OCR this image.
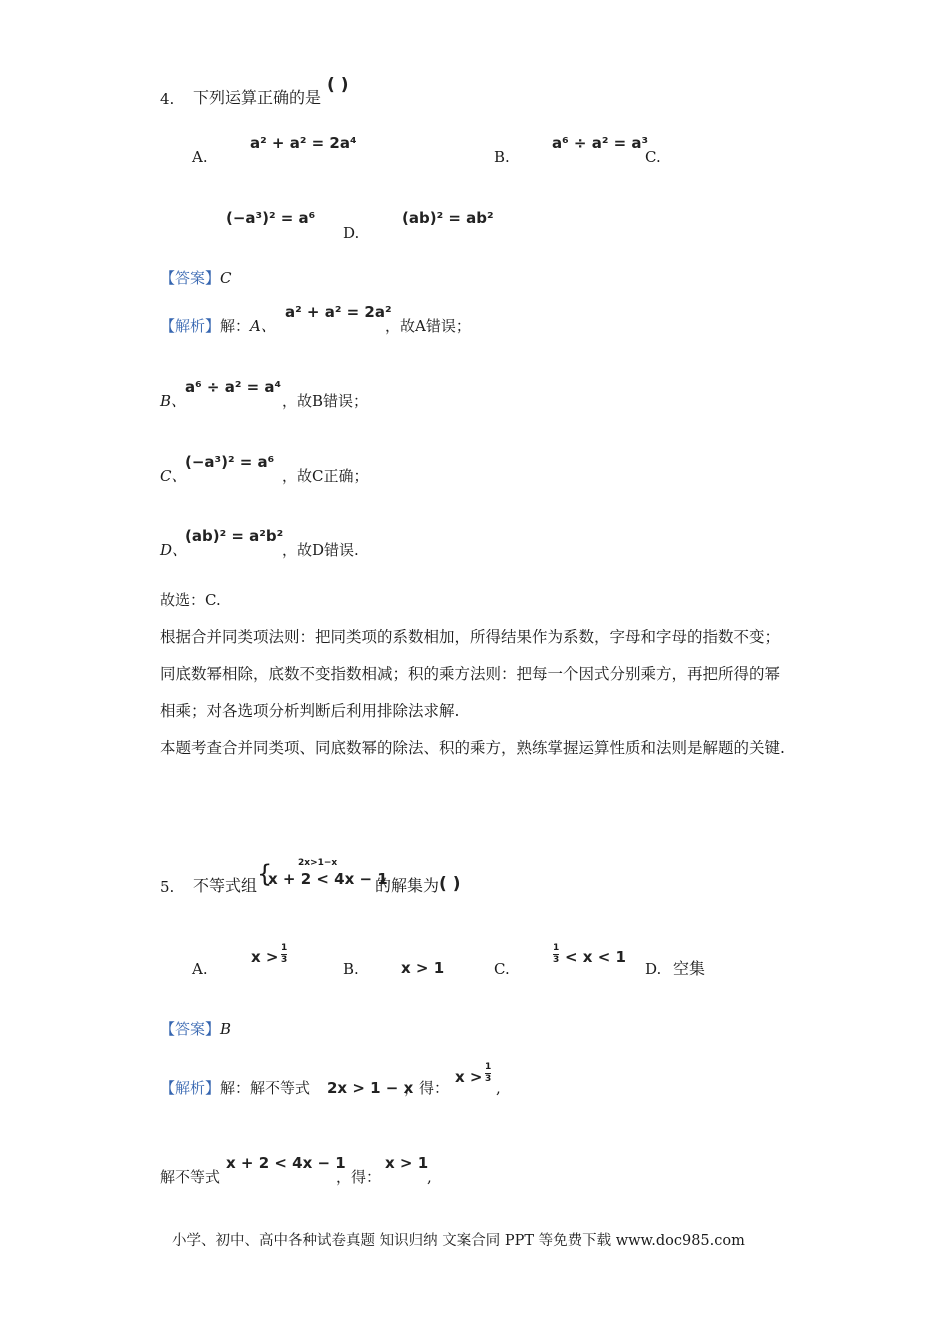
4. 下列运算正确的是
( )
A.
a² + a² = 2a⁴
B.
a⁶ ÷ a² = a³
C.
(−a³)² = a⁶
D.
(ab)² = ab²
【答案】C
【解析】解：A、
a² + a² = 2a²
，故A错误；
B、
a⁶ ÷ a² = a⁴
，故B错误；
C、
(−a³)² = a⁶
，故C正确；
D、
(ab)² = a²b²
，故D错误.
故选：C.
根据合并同类项法则：把同类项的系数相加，所得结果作为系数，字母和字母的指数不变；同底数幂相除，底数不变指数相减；积的乘方法则：把每一个因式分别乘方，再把所得的幂相乘；对各选项分析判断后利用排除法求解.
本题考查合并同类项、同底数幂的除法、积的乘方，熟练掌握运算性质和法则是解题的关键.
5. 不等式组 {	2x>1−x
x + 2 < 4x − 1
的解集为 ( )
A.
x > 1
3	B.	x > 1	C.
1
3 < x < 1
D. 空集
【答案】B
【解析】解：解不等式 2x > 1 − x
，得：
x >
1
3 ,
解不等式
x + 2 < 4x − 1
，得：
x > 1
,
小学、初中、高中各种试卷真题 知识归纳 文案合同 PPT 等免费下载 www.doc985.com
